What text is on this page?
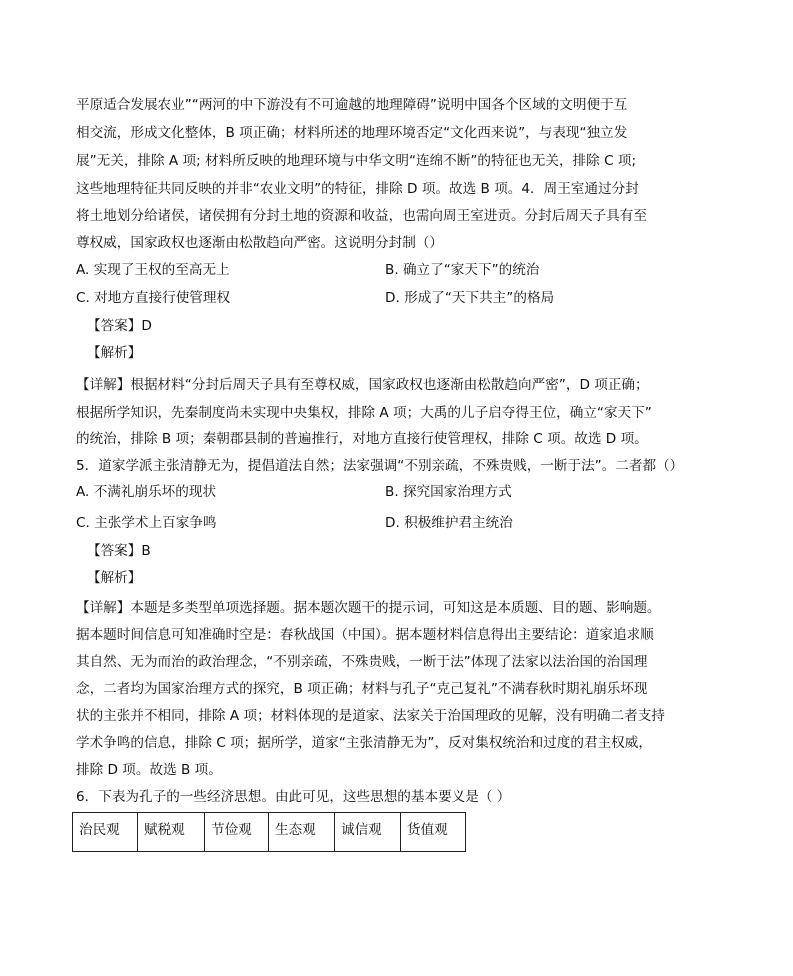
平原适合发展农业”“两河的中下游没有不可逾越的地理障碍”说明中国各个区域的文明便于互
相交流，形成文化整体，B 项正确；材料所述的地理环境否定“文化西来说”，与表现“独立发
展”无关，排除 A 项; 材料所反映的地理环境与中华文明“连绵不断”的特征也无关，排除 C 项;
这些地理特征共同反映的并非“农业文明”的特征，排除 D 项。故选 B 项。4．周王室通过分封
将土地划分给诸侯，诸侯拥有分封土地的资源和收益，也需向周王室进贡。分封后周天子具有至
尊权威，国家政权也逐渐由松散趋向严密。这说明分封制（）
A. 实现了王权的至高无上	B. 确立了“家天下”的统治
C. 对地方直接行使管理权	D. 形成了“天下共主”的格局
【答案】D
【解析】
【详解】根据材料“分封后周天子具有至尊权威，国家政权也逐渐由松散趋向严密”，D 项正确；
根据所学知识，先秦制度尚未实现中央集权，排除 A 项；大禹的儿子启夺得王位，确立“家天下”
的统治，排除 B 项；秦朝郡县制的普遍推行，对地方直接行使管理权，排除 C 项。故选 D 项。
5．道家学派主张清静无为，提倡道法自然；法家强调“不别亲疏，不殊贵贱，一断于法”。二者都（）
A. 不满礼崩乐坏的现状	B. 探究国家治理方式
C. 主张学术上百家争鸣	D. 积极维护君主统治
【答案】B
【解析】
【详解】本题是多类型单项选择题。据本题次题干的提示词，可知这是本质题、目的题、影响题。
据本题时间信息可知准确时空是：春秋战国（中国）。据本题材料信息得出主要结论：道家追求顺
其自然、无为而治的政治理念，“不别亲疏，不殊贵贱，一断于法”体现了法家以法治国的治国理
念，二者均为国家治理方式的探究，B 项正确；材料与孔子“克己复礼”不满春秋时期礼崩乐坏现
状的主张并不相同，排除 A 项；材料体现的是道家、法家关于治国理政的见解，没有明确二者支持
学术争鸣的信息，排除 C 项；据所学，道家“主张清静无为”，反对集权统治和过度的君主权威，
排除 D 项。故选 B 项。
6．下表为孔子的一些经济思想。由此可见，这些思想的基本要义是（ ）
治民观	赋税观	节俭观	生态观	诚信观	货值观
